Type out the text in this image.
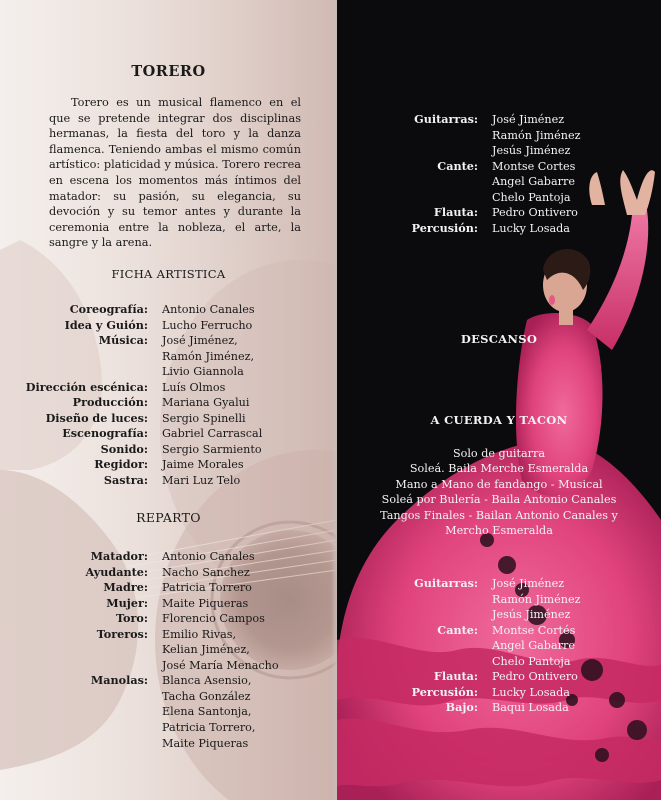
TORERO

Torero es un musical flamenco en el que se pretende integrar dos disciplinas hermanas, la fiesta del toro y la danza flamenca. Teniendo ambas el mismo común artístico: platicidad y música. Torero recrea en escena los momentos más íntimos del matador: su pasión, su elegancia, su devoción y su temor antes y durante la ceremonia entre la nobleza, el arte, la sangre y la arena.

FICHA ARTISTICA
Coreografía:	Antonio Canales
Idea y Guión:	Lucho Ferrucho
Música:	José Jiménez,
Ramón Jiménez,
Livio Giannola
Dirección escénica:	Luís Olmos
Producción:	Mariana Gyalui
Diseño de luces:	Sergio Spinelli
Escenografía:	Gabriel Carrascal
Sonido:	Sergio Sarmiento
Regidor:	Jaime Morales
Sastra:	Mari Luz Telo
REPARTO
Matador:	Antonio Canales
Ayudante:	Nacho Sanchez
Madre:	Patricia Torrero
Mujer:	Maite Piqueras
Toro:	Florencio Campos
Toreros:	Emilio Rivas,
Kelian Jiménez,
José María Menacho
Manolas:	Blanca Asensio,
Tacha González
Elena Santonja,
Patricia Torrero,
Maite Piqueras
Guitarras:	José Jiménez
Ramón Jiménez
Jesús Jiménez
Cante:	Montse Cortes
Angel Gabarre
Chelo Pantoja
Flauta:	Pedro Ontivero
Percusión:	Lucky Losada
DESCANSO
A CUERDA Y TACON
Solo de guitarra
Soleá. Baila Merche Esmeralda
Mano a Mano de fandango - Musical
Soleá por Bulería - Baila Antonio Canales
Tangos Finales - Bailan Antonio Canales y
Mercho Esmeralda
Guitarras:	José Jiménez
Ramón Jiménez
Jesús Jiménez
Cante:	Montse Cortés
Angel Gabarre
Chelo Pantoja
Flauta:	Pedro Ontivero
Percusión:	Lucky Losada
Bajo:	Baqui Losada
